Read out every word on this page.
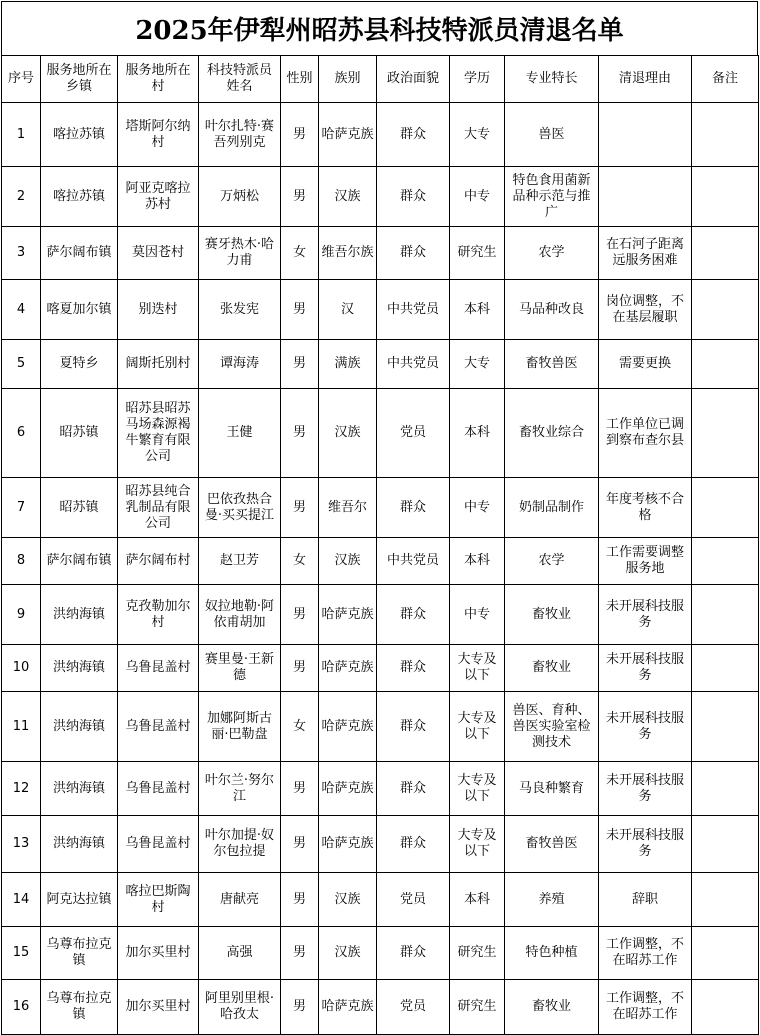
2025年伊犁州昭苏县科技特派员清退名单
序号	服务地所在乡镇	服务地所在村	科技特派员姓名	性别	族别	政治面貌	学历	专业特长	清退理由	备注
1	喀拉苏镇	塔斯阿尔纳村	叶尔扎特·赛吾列别克	男	哈萨克族	群众	大专	兽医		
2	喀拉苏镇	阿亚克喀拉苏村	万炳松	男	汉族	群众	中专	特色食用菌新品种示范与推广		
3	萨尔阔布镇	莫因苍村	赛牙热木·哈力甫	女	维吾尔族	群众	研究生	农学	在石河子距离远服务困难	
4	喀夏加尔镇	别迭村	张发宪	男	汉	中共党员	本科	马品种改良	岗位调整，不在基层履职	
5	夏特乡	阔斯托别村	谭海涛	男	满族	中共党员	大专	畜牧兽医	需要更换	
6	昭苏镇	昭苏县昭苏马场森源褐牛繁育有限公司	王健	男	汉族	党员	本科	畜牧业综合	工作单位已调到察布查尔县	
7	昭苏镇	昭苏县纯合乳制品有限公司	巴依孜热合曼·买买提江	男	维吾尔	群众	中专	奶制品制作	年度考核不合格	
8	萨尔阔布镇	萨尔阔布村	赵卫芳	女	汉族	中共党员	本科	农学	工作需要调整服务地	
9	洪纳海镇	克孜勒加尔村	奴拉地勒·阿依甫胡加	男	哈萨克族	群众	中专	畜牧业	未开展科技服务	
10	洪纳海镇	乌鲁昆盖村	赛里曼·王新德	男	哈萨克族	群众	大专及以下	畜牧业	未开展科技服务	
11	洪纳海镇	乌鲁昆盖村	加娜阿斯古丽·巴勒盘	女	哈萨克族	群众	大专及以下	兽医、育种、兽医实验室检测技术	未开展科技服务	
12	洪纳海镇	乌鲁昆盖村	叶尔兰·努尔江	男	哈萨克族	群众	大专及以下	马良种繁育	未开展科技服务	
13	洪纳海镇	乌鲁昆盖村	叶尔加提·奴尔包拉提	男	哈萨克族	群众	大专及以下	畜牧兽医	未开展科技服务	
14	阿克达拉镇	喀拉巴斯陶村	唐献亮	男	汉族	党员	本科	养殖	辞职	
15	乌尊布拉克镇	加尔买里村	高强	男	汉族	群众	研究生	特色种植	工作调整，不在昭苏工作	
16	乌尊布拉克镇	加尔买里村	阿里别里根·哈孜太	男	哈萨克族	党员	研究生	畜牧业	工作调整，不在昭苏工作	
